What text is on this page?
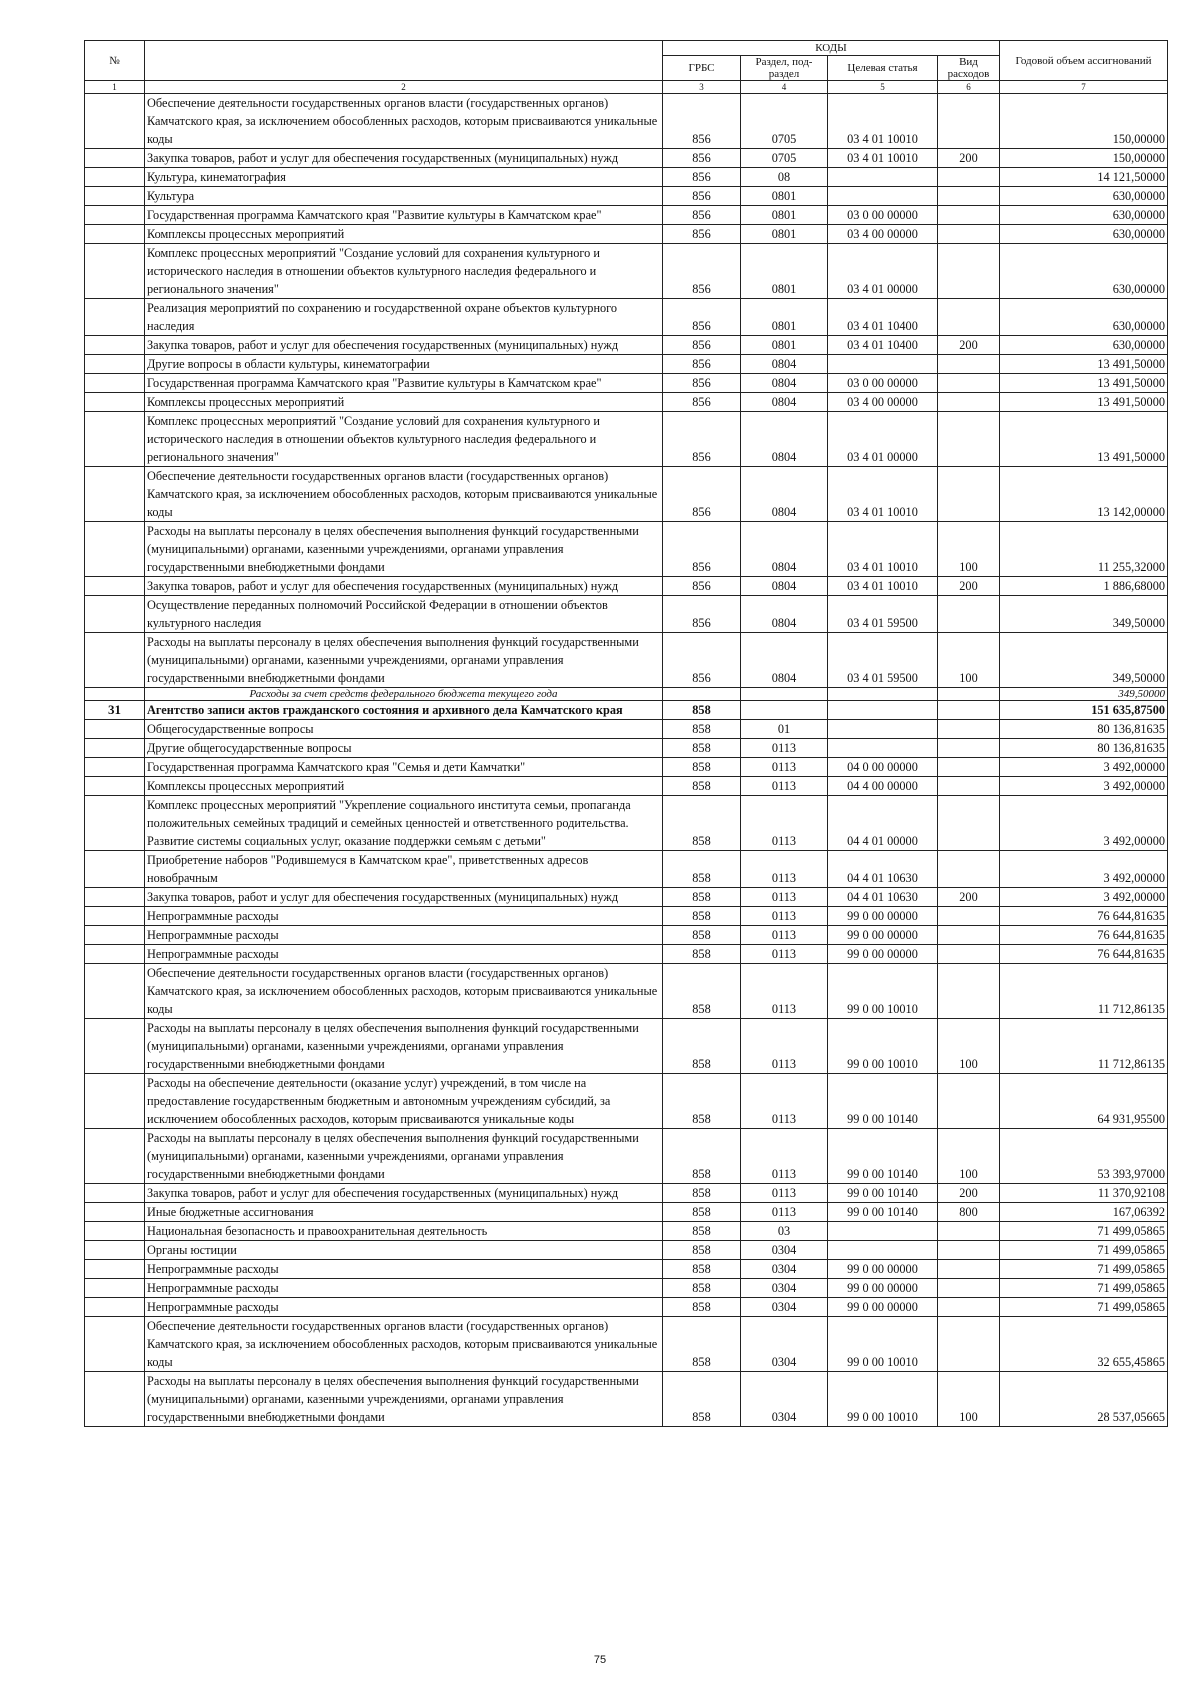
№		КОДЫ				Годовой объем ассигнований
		ГРБС	Раздел, под-раздел	Целевая статья	Вид расходов	
1	2	3	4	5	6	7
	Обеспечение деятельности государственных органов власти (государственных органов) Камчатского края, за исключением обособленных расходов, которым присваиваются уникальные коды	856	0705	03 4 01 10010		150,00000
	Закупка товаров, работ и услуг для обеспечения государственных (муниципальных) нужд	856	0705	03 4 01 10010	200	150,00000
	Культура, кинематография	856	08			14 121,50000
	Культура	856	0801			630,00000
	Государственная программа Камчатского края "Развитие культуры в Камчатском крае"	856	0801	03 0 00 00000		630,00000
	Комплексы процессных мероприятий	856	0801	03 4 00 00000		630,00000
	Комплекс процессных мероприятий "Создание условий для сохранения культурного и исторического наследия в отношении объектов культурного наследия федерального и регионального значения"	856	0801	03 4 01 00000		630,00000
	Реализация мероприятий по сохранению и государственной охране объектов культурного наследия	856	0801	03 4 01 10400		630,00000
	Закупка товаров, работ и услуг для обеспечения государственных (муниципальных) нужд	856	0801	03 4 01 10400	200	630,00000
	Другие вопросы в области культуры, кинематографии	856	0804			13 491,50000
	Государственная программа Камчатского края "Развитие культуры в Камчатском крае"	856	0804	03 0 00 00000		13 491,50000
	Комплексы процессных мероприятий	856	0804	03 4 00 00000		13 491,50000
	Комплекс процессных мероприятий "Создание условий для сохранения культурного и исторического наследия в отношении объектов культурного наследия федерального и регионального значения"	856	0804	03 4 01 00000		13 491,50000
	Обеспечение деятельности государственных органов власти (государственных органов) Камчатского края, за исключением обособленных расходов, которым присваиваются уникальные коды	856	0804	03 4 01 10010		13 142,00000
	Расходы на выплаты персоналу в целях обеспечения выполнения функций государственными (муниципальными) органами, казенными учреждениями, органами управления государственными внебюджетными фондами	856	0804	03 4 01 10010	100	11 255,32000
	Закупка товаров, работ и услуг для обеспечения государственных (муниципальных) нужд	856	0804	03 4 01 10010	200	1 886,68000
	Осуществление переданных полномочий Российской Федерации в отношении объектов культурного наследия	856	0804	03 4 01 59500		349,50000
	Расходы на выплаты персоналу в целях обеспечения выполнения функций государственными (муниципальными) органами, казенными учреждениями, органами управления государственными внебюджетными фондами	856	0804	03 4 01 59500	100	349,50000
	Расходы за счет средств федерального бюджета текущего года					349,50000
31	Агентство записи актов гражданского состояния и архивного дела Камчатского края	858				151 635,87500
	Общегосударственные вопросы	858	01			80 136,81635
	Другие общегосударственные вопросы	858	0113			80 136,81635
	Государственная программа Камчатского края "Семья и дети Камчатки"	858	0113	04 0 00 00000		3 492,00000
	Комплексы процессных мероприятий	858	0113	04 4 00 00000		3 492,00000
	Комплекс процессных мероприятий "Укрепление социального института семьи, пропаганда положительных семейных традиций и семейных ценностей и ответственного родительства. Развитие системы социальных услуг, оказание поддержки семьям с детьми"	858	0113	04 4 01 00000		3 492,00000
	Приобретение наборов "Родившемуся в Камчатском крае", приветственных адресов новобрачным	858	0113	04 4 01 10630		3 492,00000
	Закупка товаров, работ и услуг для обеспечения государственных (муниципальных) нужд	858	0113	04 4 01 10630	200	3 492,00000
	Непрограммные расходы	858	0113	99 0 00 00000		76 644,81635
	Непрограммные расходы	858	0113	99 0 00 00000		76 644,81635
	Непрограммные расходы	858	0113	99 0 00 00000		76 644,81635
	Обеспечение деятельности государственных органов власти (государственных органов) Камчатского края, за исключением обособленных расходов, которым присваиваются уникальные коды	858	0113	99 0 00 10010		11 712,86135
	Расходы на выплаты персоналу в целях обеспечения выполнения функций государственными (муниципальными) органами, казенными учреждениями, органами управления государственными внебюджетными фондами	858	0113	99 0 00 10010	100	11 712,86135
	Расходы на обеспечение деятельности (оказание услуг) учреждений, в том числе на предоставление государственным бюджетным и автономным учреждениям субсидий, за исключением обособленных расходов, которым присваиваются уникальные коды	858	0113	99 0 00 10140		64 931,95500
	Расходы на выплаты персоналу в целях обеспечения выполнения функций государственными (муниципальными) органами, казенными учреждениями, органами управления государственными внебюджетными фондами	858	0113	99 0 00 10140	100	53 393,97000
	Закупка товаров, работ и услуг для обеспечения государственных (муниципальных) нужд	858	0113	99 0 00 10140	200	11 370,92108
	Иные бюджетные ассигнования	858	0113	99 0 00 10140	800	167,06392
	Национальная безопасность и правоохранительная деятельность	858	03			71 499,05865
	Органы юстиции	858	0304			71 499,05865
	Непрограммные расходы	858	0304	99 0 00 00000		71 499,05865
	Непрограммные расходы	858	0304	99 0 00 00000		71 499,05865
	Непрограммные расходы	858	0304	99 0 00 00000		71 499,05865
	Обеспечение деятельности государственных органов власти (государственных органов) Камчатского края, за исключением обособленных расходов, которым присваиваются уникальные коды	858	0304	99 0 00 10010		32 655,45865
	Расходы на выплаты персоналу в целях обеспечения выполнения функций государственными (муниципальными) органами, казенными учреждениями, органами управления государственными внебюджетными фондами	858	0304	99 0 00 10010	100	28 537,05665
75
